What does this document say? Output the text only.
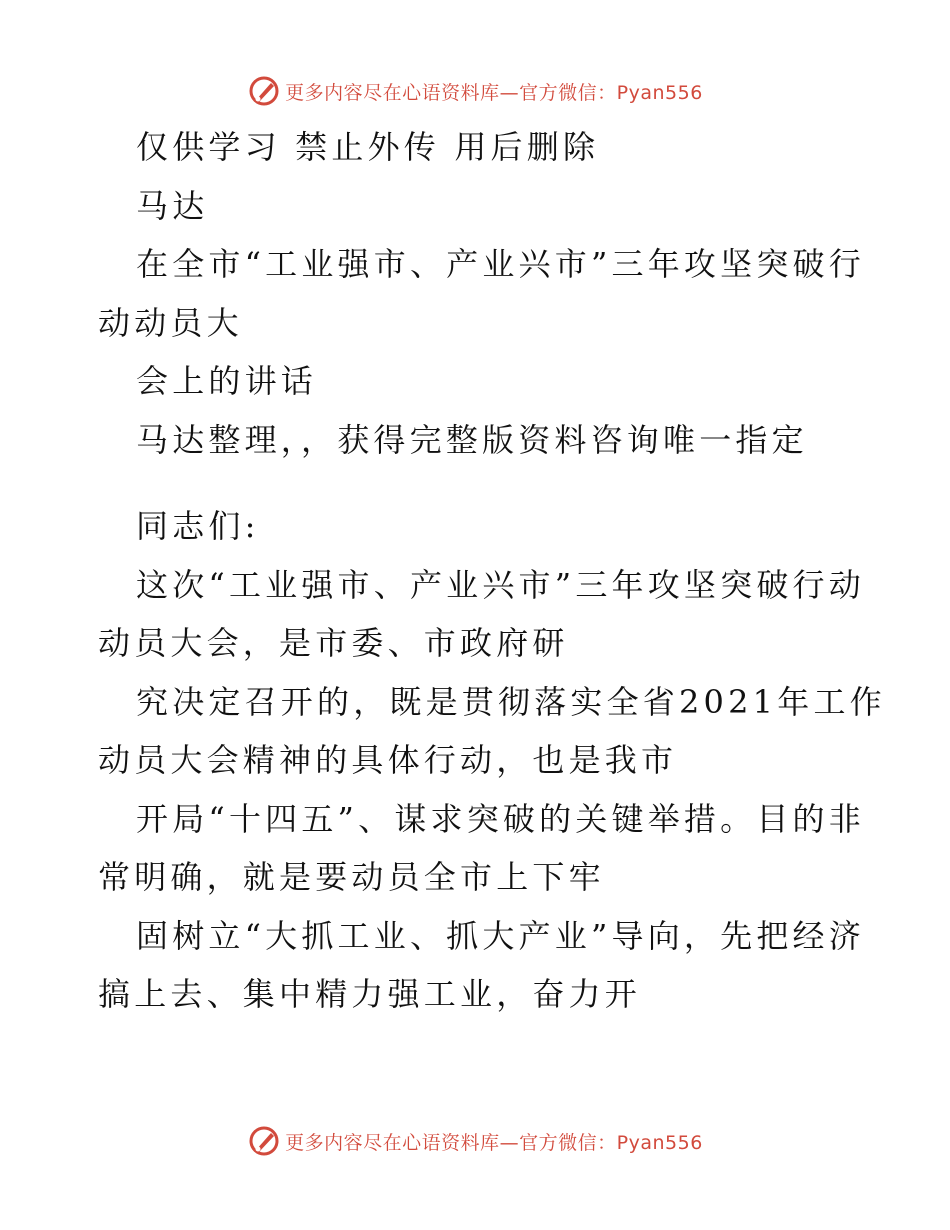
更多内容尽在心语资料库—官方微信：Pyan556
仅供学习 禁止外传 用后删除
马达
在全市“工业强市、产业兴市”三年攻坚突破行
动动员大
会上的讲话
马达整理，，获得完整版资料咨询唯一指定
同志们:
这次“工业强市、产业兴市”三年攻坚突破行动
动员大会，是市委、市政府研
究决定召开的，既是贯彻落实全省2021年工作
动员大会精神的具体行动，也是我市
开局“十四五”、谋求突破的关键举措。目的非
常明确，就是要动员全市上下牢
固树立“大抓工业、抓大产业”导向，先把经济
搞上去、集中精力强工业，奋力开
更多内容尽在心语资料库—官方微信：Pyan556
